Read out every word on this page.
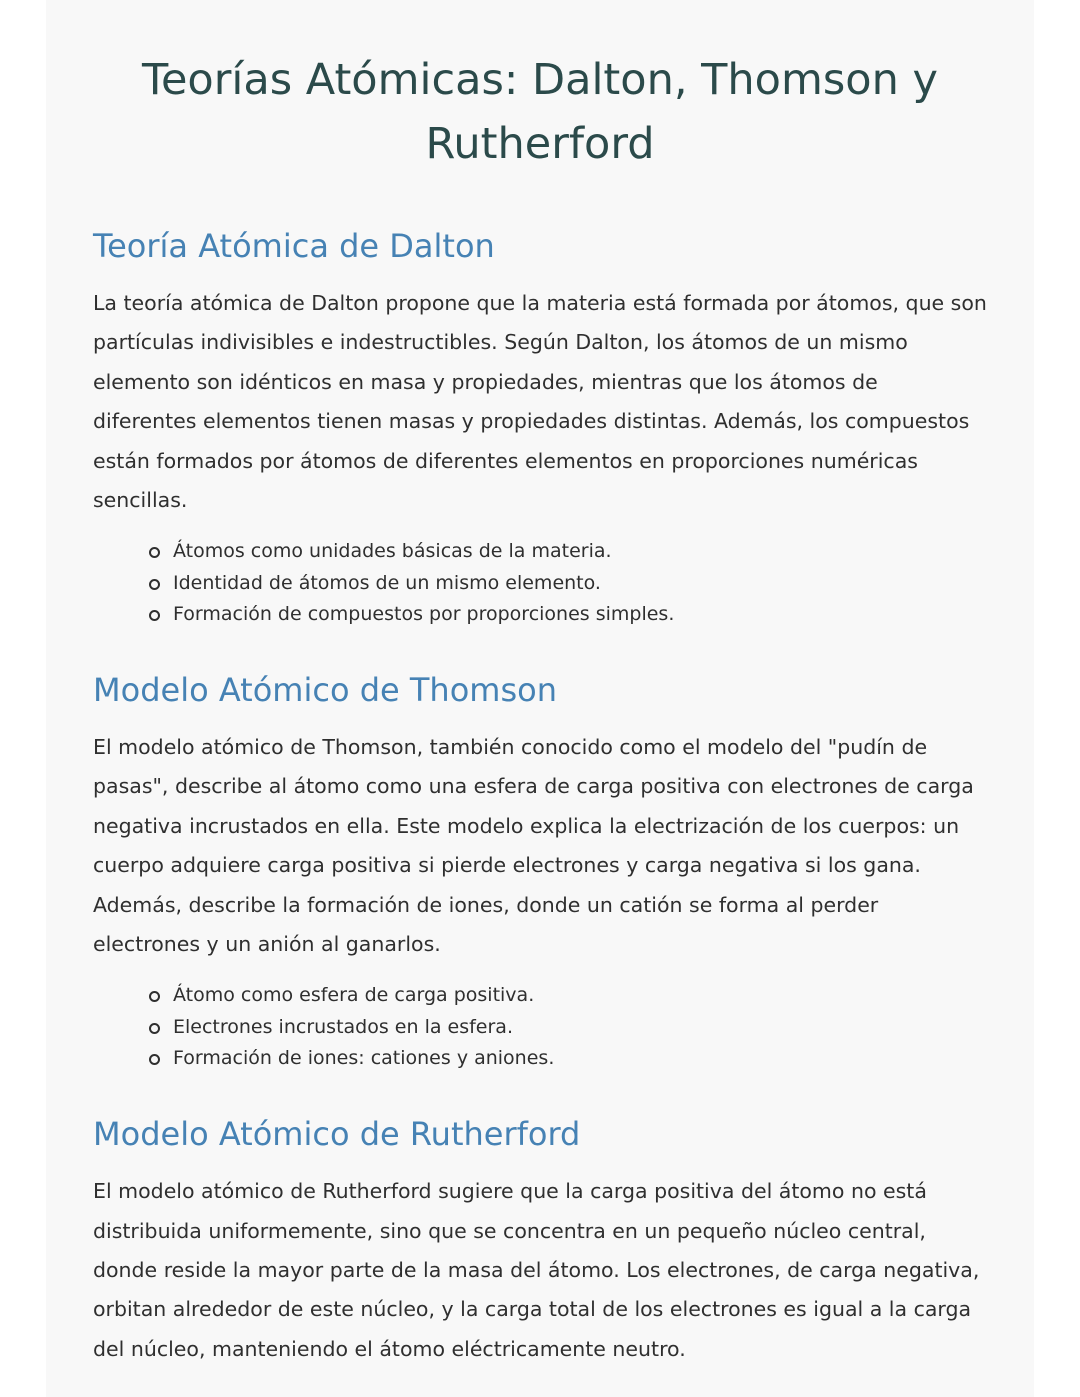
Teorías Atómicas: Dalton, Thomson y Rutherford
Teoría Atómica de Dalton

La teoría atómica de Dalton propone que la materia está formada por átomos, que son partículas indivisibles e indestructibles. Según Dalton, los átomos de un mismo elemento son idénticos en masa y propiedades, mientras que los átomos de diferentes elementos tienen masas y propiedades distintas. Además, los compuestos están formados por átomos de diferentes elementos en proporciones numéricas sencillas.

Átomos como unidades básicas de la materia.
Identidad de átomos de un mismo elemento.
Formación de compuestos por proporciones simples.
Modelo Atómico de Thomson

El modelo atómico de Thomson, también conocido como el modelo del "pudín de pasas", describe al átomo como una esfera de carga positiva con electrones de carga negativa incrustados en ella. Este modelo explica la electrización de los cuerpos: un cuerpo adquiere carga positiva si pierde electrones y carga negativa si los gana. Además, describe la formación de iones, donde un catión se forma al perder electrones y un anión al ganarlos.

Átomo como esfera de carga positiva.
Electrones incrustados en la esfera.
Formación de iones: cationes y aniones.
Modelo Atómico de Rutherford

El modelo atómico de Rutherford sugiere que la carga positiva del átomo no está distribuida uniformemente, sino que se concentra en un pequeño núcleo central, donde reside la mayor parte de la masa del átomo. Los electrones, de carga negativa, orbitan alrededor de este núcleo, y la carga total de los electrones es igual a la carga del núcleo, manteniendo el átomo eléctricamente neutro.
